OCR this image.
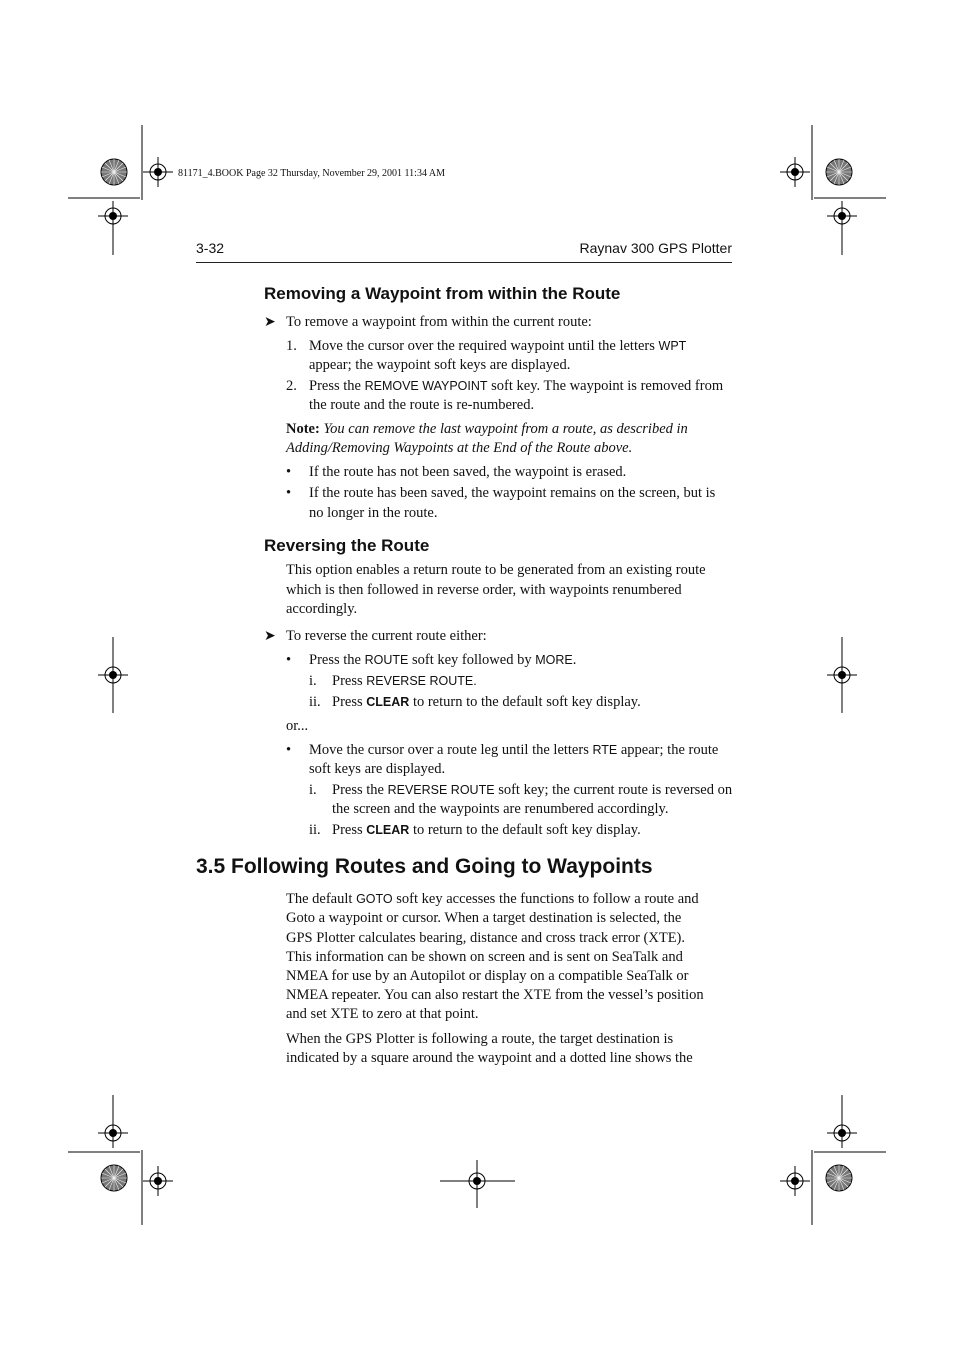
81171_4.BOOK Page 32 Thursday, November 29, 2001 11:34 AM
3-32	Raynav 300 GPS Plotter
Removing a Waypoint from within the Route
➤ To remove a waypoint from within the current route:
1. Move the cursor over the required waypoint until the letters WPT
appear; the waypoint soft keys are displayed.
2. Press the REMOVE WAYPOINT soft key. The waypoint is removed from
the route and the route is re-numbered.
Note: You can remove the last waypoint from a route, as described in
Adding/Removing Waypoints at the End of the Route above.
• If the route has not been saved, the waypoint is erased.
• If the route has been saved, the waypoint remains on the screen, but is
no longer in the route.
Reversing the Route
This option enables a return route to be generated from an existing route
which is then followed in reverse order, with waypoints renumbered
accordingly.
➤ To reverse the current route either:
• Press the ROUTE soft key followed by MORE.
i. Press REVERSE ROUTE.
ii. Press CLEAR to return to the default soft key display.
or...
• Move the cursor over a route leg until the letters RTE appear; the route
soft keys are displayed.
i. Press the REVERSE ROUTE soft key; the current route is reversed on
the screen and the waypoints are renumbered accordingly.
ii. Press CLEAR to return to the default soft key display.
3.5 Following Routes and Going to Waypoints
The default GOTO soft key accesses the functions to follow a route and
Goto a waypoint or cursor. When a target destination is selected, the
GPS Plotter calculates bearing, distance and cross track error (XTE).
This information can be shown on screen and is sent on SeaTalk and
NMEA for use by an Autopilot or display on a compatible SeaTalk or
NMEA repeater. You can also restart the XTE from the vessel’s position
and set XTE to zero at that point.
When the GPS Plotter is following a route, the target destination is
indicated by a square around the waypoint and a dotted line shows the
